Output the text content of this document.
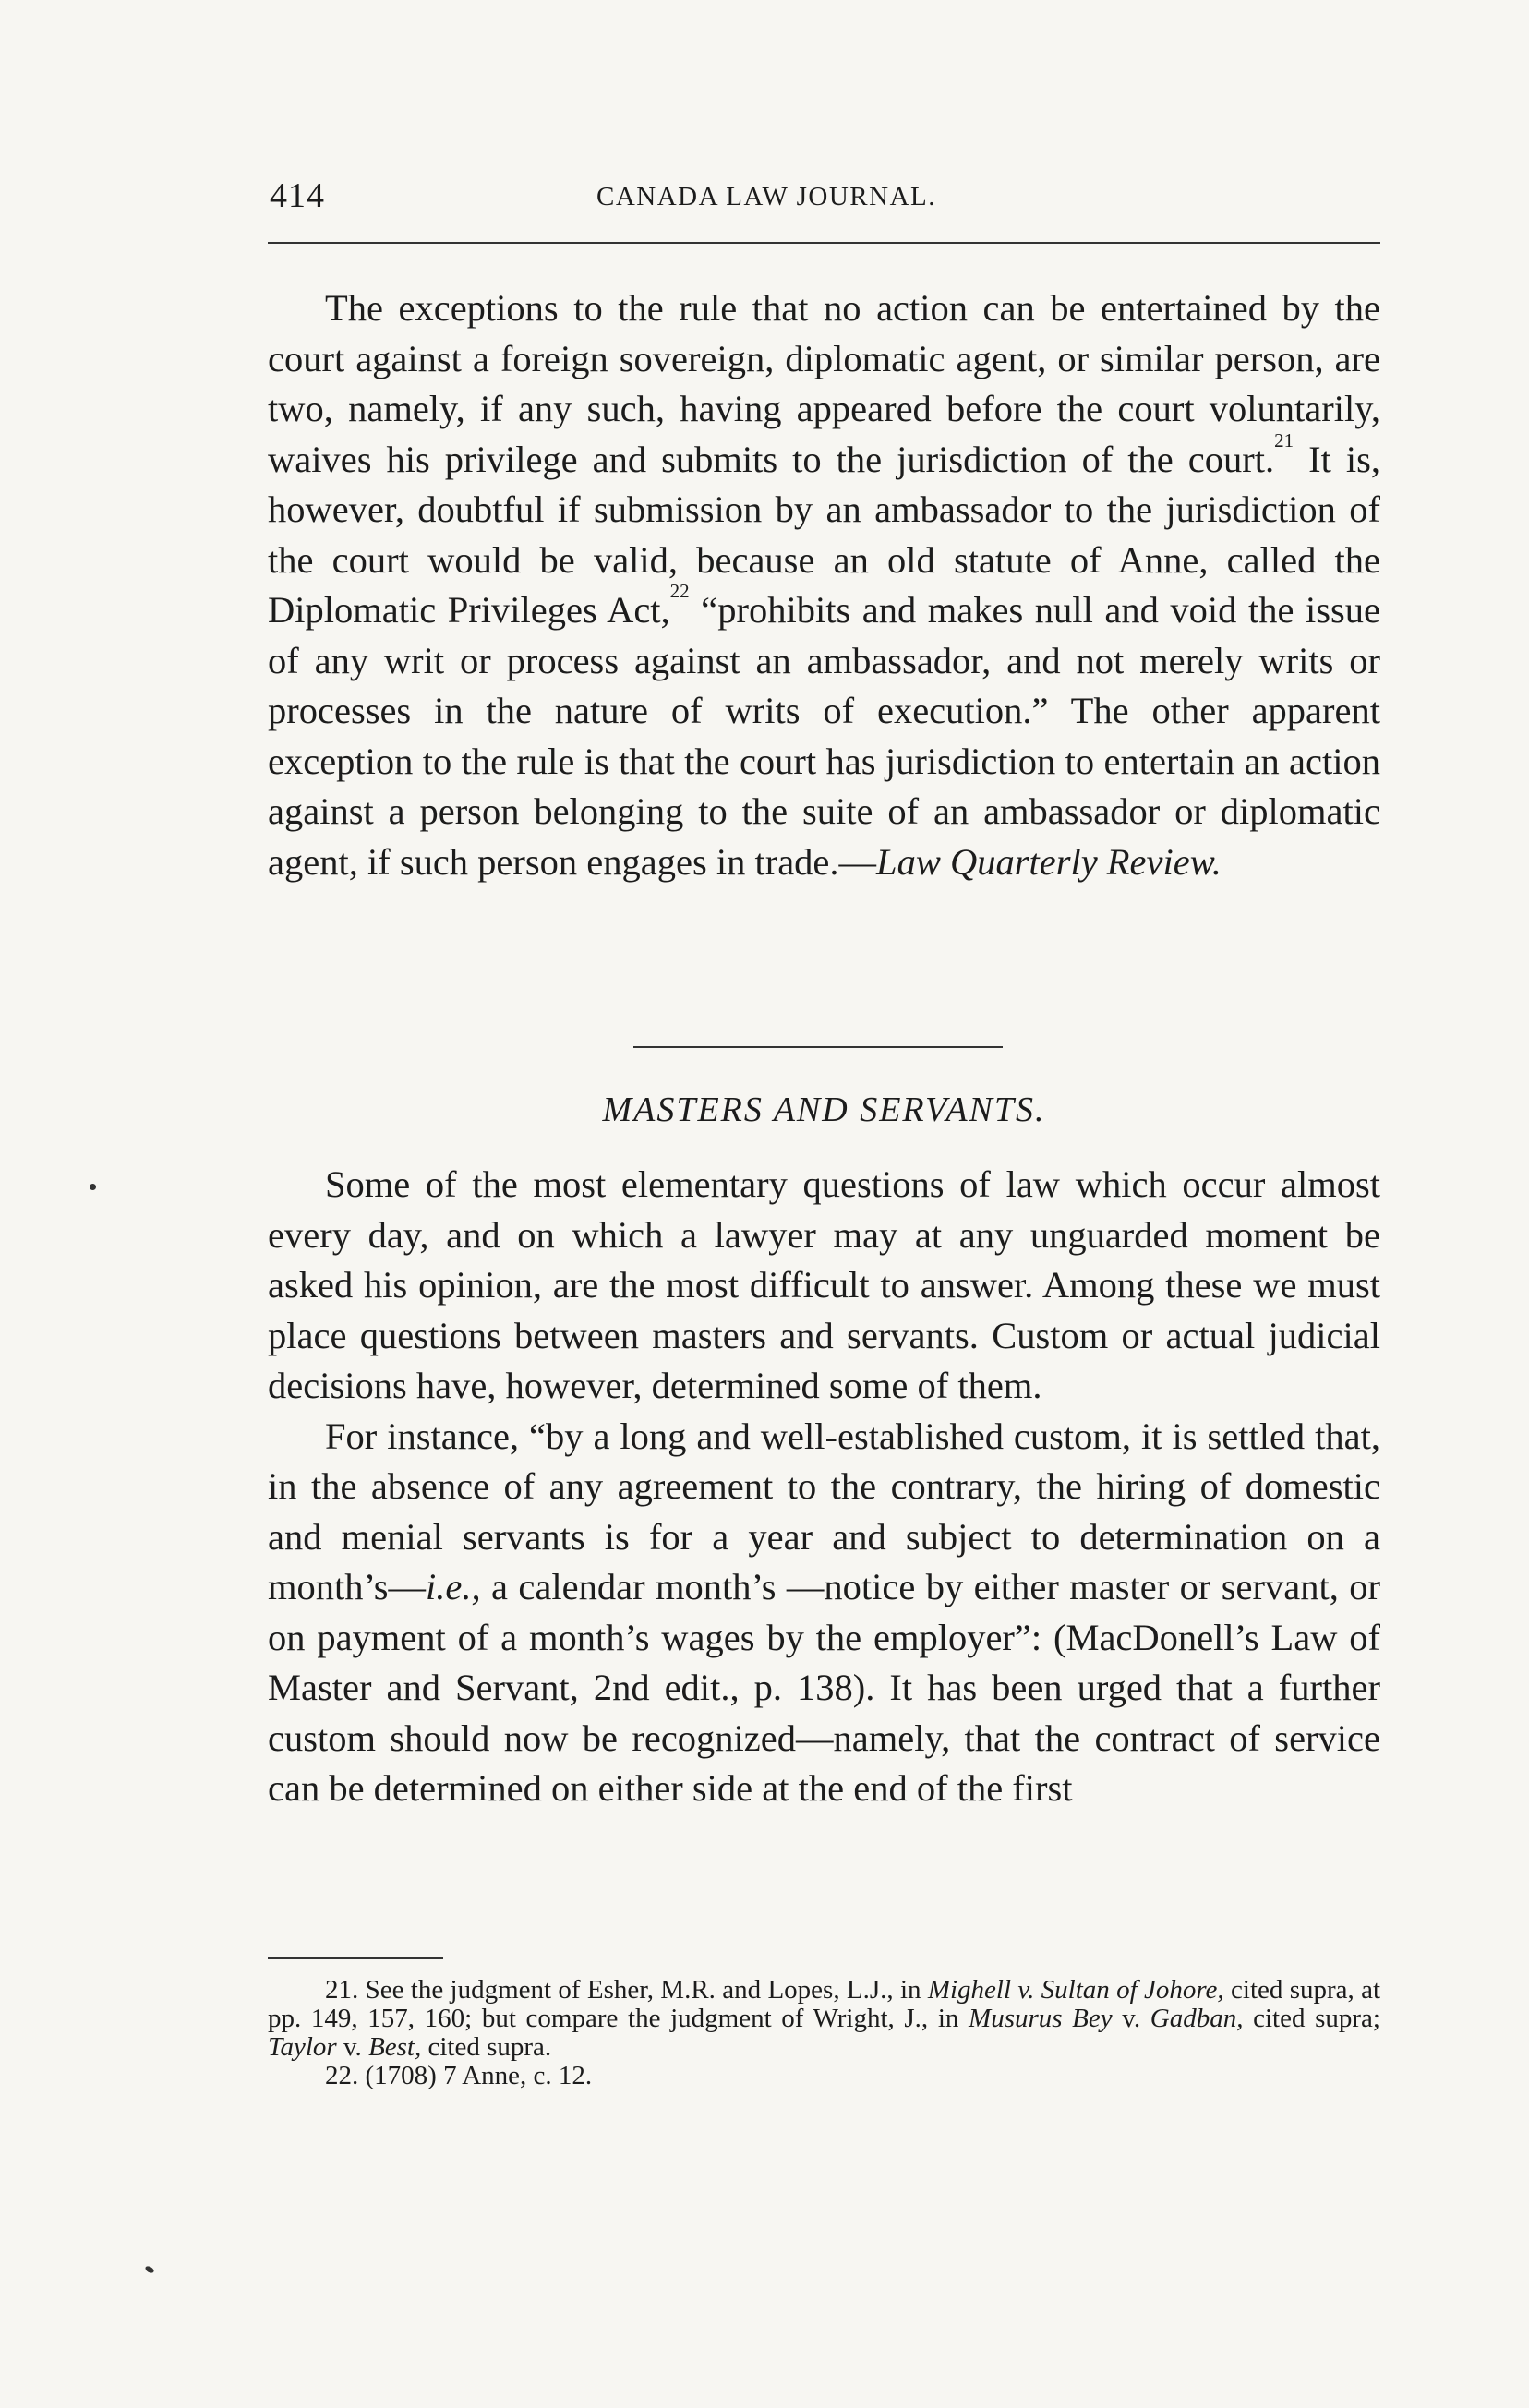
414	CANADA LAW JOURNAL.

The exceptions to the rule that no action can be entertained by the court against a foreign sovereign, diplomatic agent, or similar person, are two, namely, if any such, having appeared before the court voluntarily, waives his privilege and submits to the jurisdiction of the court.$^{21}$ It is, however, doubtful if submission by an ambassador to the jurisdiction of the court would be valid, because an old statute of Anne, called the Diplomatic Privileges Act,$^{22}$ “prohibits and makes null and void the issue of any writ or process against an ambassador, and not merely writs or processes in the nature of writs of execution.” The other apparent exception to the rule is that the court has jurisdiction to entertain an action against a person belonging to the suite of an ambassador or diplomatic agent, if such person engages in trade.—Law Quarterly Review.

MASTERS AND SERVANTS.

Some of the most elementary questions of law which occur almost every day, and on which a lawyer may at any unguarded moment be asked his opinion, are the most difficult to answer. Among these we must place questions between masters and servants. Custom or actual judicial decisions have, however, determined some of them.

For instance, “by a long and well-established custom, it is settled that, in the absence of any agreement to the contrary, the hiring of domestic and menial servants is for a year and subject to determination on a month’s—i.e., a calendar month’s —notice by either master or servant, or on payment of a month’s wages by the employer”: (MacDonell’s Law of Master and Servant, 2nd edit., p. 138). It has been urged that a further custom should now be recognized—namely, that the contract of service can be determined on either side at the end of the first

21. See the judgment of Esher, M.R. and Lopes, L.J., in Mighell v. Sultan of Johore, cited supra, at pp. 149, 157, 160; but compare the judgment of Wright, J., in Musurus Bey v. Gadban, cited supra; Taylor v. Best, cited supra.

22. (1708) 7 Anne, c. 12.
